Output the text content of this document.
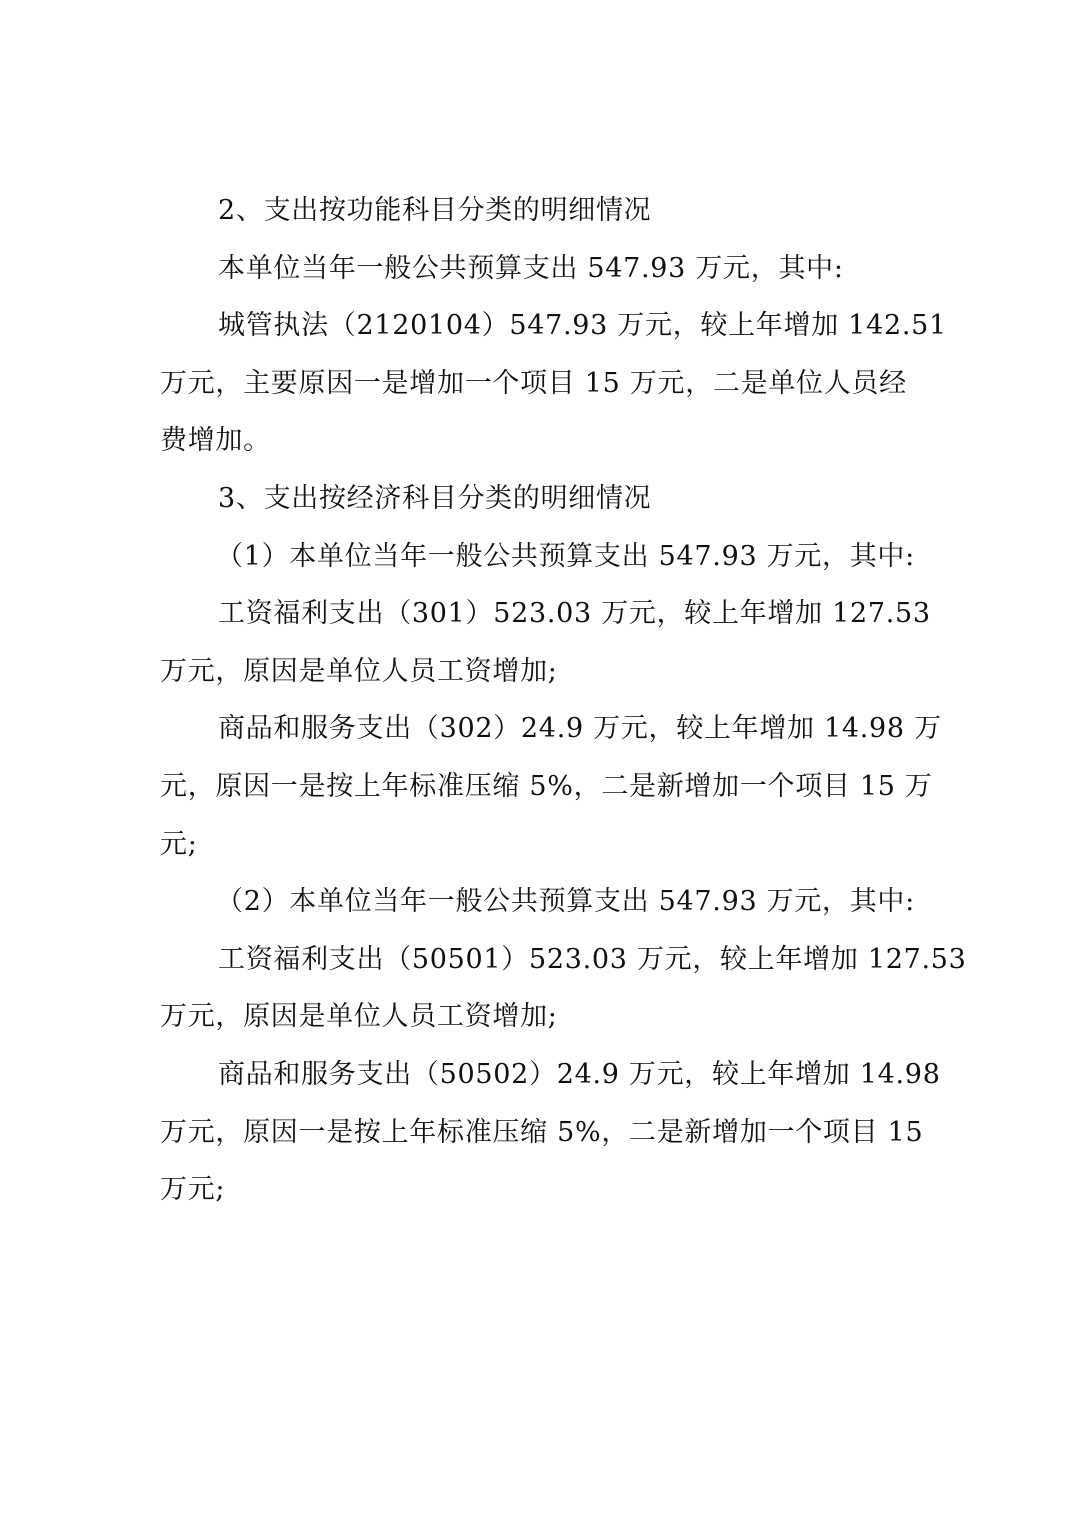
2、支出按功能科目分类的明细情况
本单位当年一般公共预算支出 547.93 万元，其中:
城管执法（2120104）547.93 万元，较上年增加 142.51
万元，主要原因一是增加一个项目 15 万元，二是单位人员经
费增加。
3、支出按经济科目分类的明细情况
（1）本单位当年一般公共预算支出 547.93 万元，其中:
工资福利支出（301）523.03 万元，较上年增加 127.53
万元，原因是单位人员工资增加;
商品和服务支出（302）24.9 万元，较上年增加 14.98 万
元，原因一是按上年标准压缩 5%，二是新增加一个项目 15 万
元;
（2）本单位当年一般公共预算支出 547.93 万元，其中:
工资福利支出（50501）523.03 万元，较上年增加 127.53
万元，原因是单位人员工资增加;
商品和服务支出（50502）24.9 万元，较上年增加 14.98
万元，原因一是按上年标准压缩 5%，二是新增加一个项目 15
万元;
